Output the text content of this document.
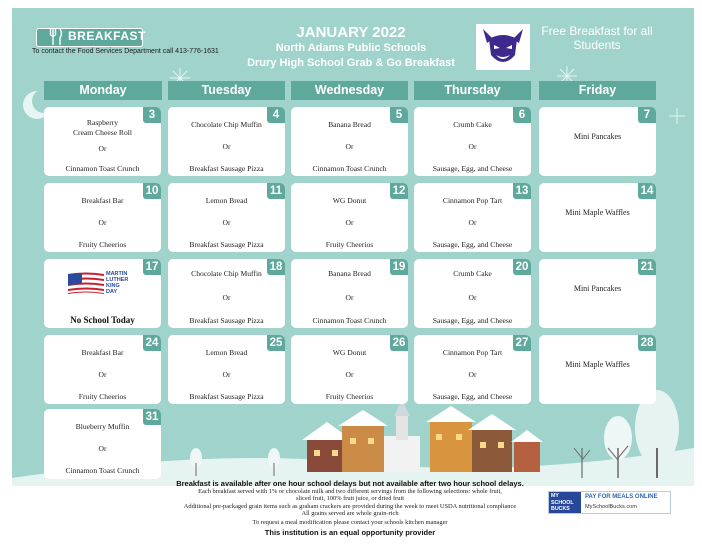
BREAKFAST
To contact the Food Services Department call 413-776-1631
JANUARY 2022
North Adams Public Schools
Drury High School Grab & Go Breakfast
Free Breakfast for all
Students
Monday	Tuesday	Wednesday	Thursday	Friday
3
Raspberry
Cream Cheese Roll
Or
Cinnamon Toast Crunch
4
Chocolate Chip Muffin
Or
Breakfast Sausage Pizza
5
Banana Bread
Or
Cinnamon Toast Crunch
6
Crumb Cake
Or
Sausage, Egg, and Cheese
7
Mini Pancakes
10
Breakfast Bar
Or
Fruity Cheerios
11
Lemon Bread
Or
Breakfast Sausage Pizza
12
WG Donut
Or
Fruity Cheerios
13
Cinnamon Pop Tart
Or
Sausage, Egg, and Cheese
14
Mini Maple Waffles
17
MARTIN
LUTHER
KING
DAY
No School Today
18
Chocolate Chip Muffin
Or
Breakfast Sausage Pizza
19
Banana Bread
Or
Cinnamon Toast Crunch
20
Crumb Cake
Or
Sausage, Egg, and Cheese
21
Mini Pancakes
24
Breakfast Bar
Or
Fruity Cheerios
25
Lemon Bread
Or
Breakfast Sausage Pizza
26
WG Donut
Or
Fruity Cheerios
27
Cinnamon Pop Tart
Or
Sausage, Egg, and Cheese
28
Mini Maple Waffles
31
Blueberry Muffin
Or
Cinnamon Toast Crunch
Breakfast is available after one hour school delays but not available after two hour school delays.
Each breakfast served with 1% or chocolate milk and two different servings from the following selections: whole fruit,
sliced fruit, 100% fruit juice, or dried fruit
Additional pre-packaged grain items such as graham crackers are provided during the week to meet USDA nutritional compliance
All grains served are whole grain-rich
To request a meal modification please contact your schools kitchen manager
This institution is an equal opportunity provider
MY SCHOOL BUCKS
PAY FOR MEALS ONLINE
MySchoolBucks.com
